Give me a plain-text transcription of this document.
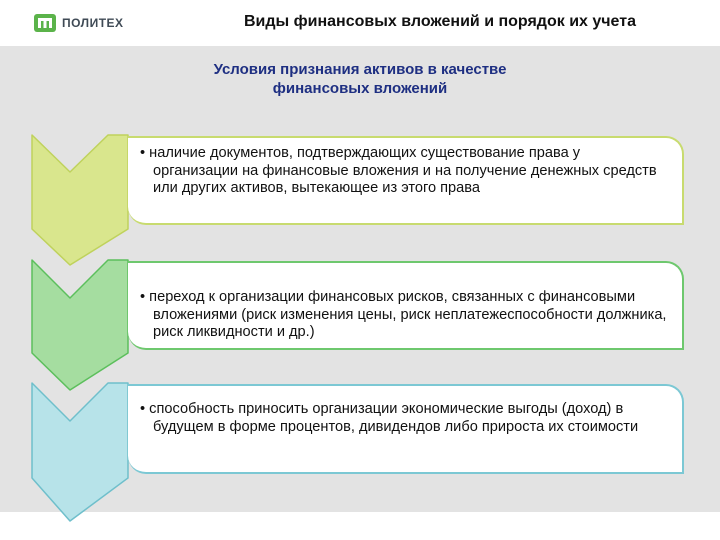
ПОЛИТЕХ	Виды финансовых вложений и порядок их учета
Условия признания активов в качестве
финансовых вложений
• наличие документов, подтверждающих существование права у организации на финансовые вложения и на получение денежных средств или других активов, вытекающее из этого права
• переход к организации финансовых рисков, связанных с финансовыми вложениями (риск изменения цены, риск неплатежеспособности должника, риск ликвидности и др.)
• способность приносить организации экономические выгоды (доход) в будущем в форме процентов, дивидендов либо прироста их стоимости
